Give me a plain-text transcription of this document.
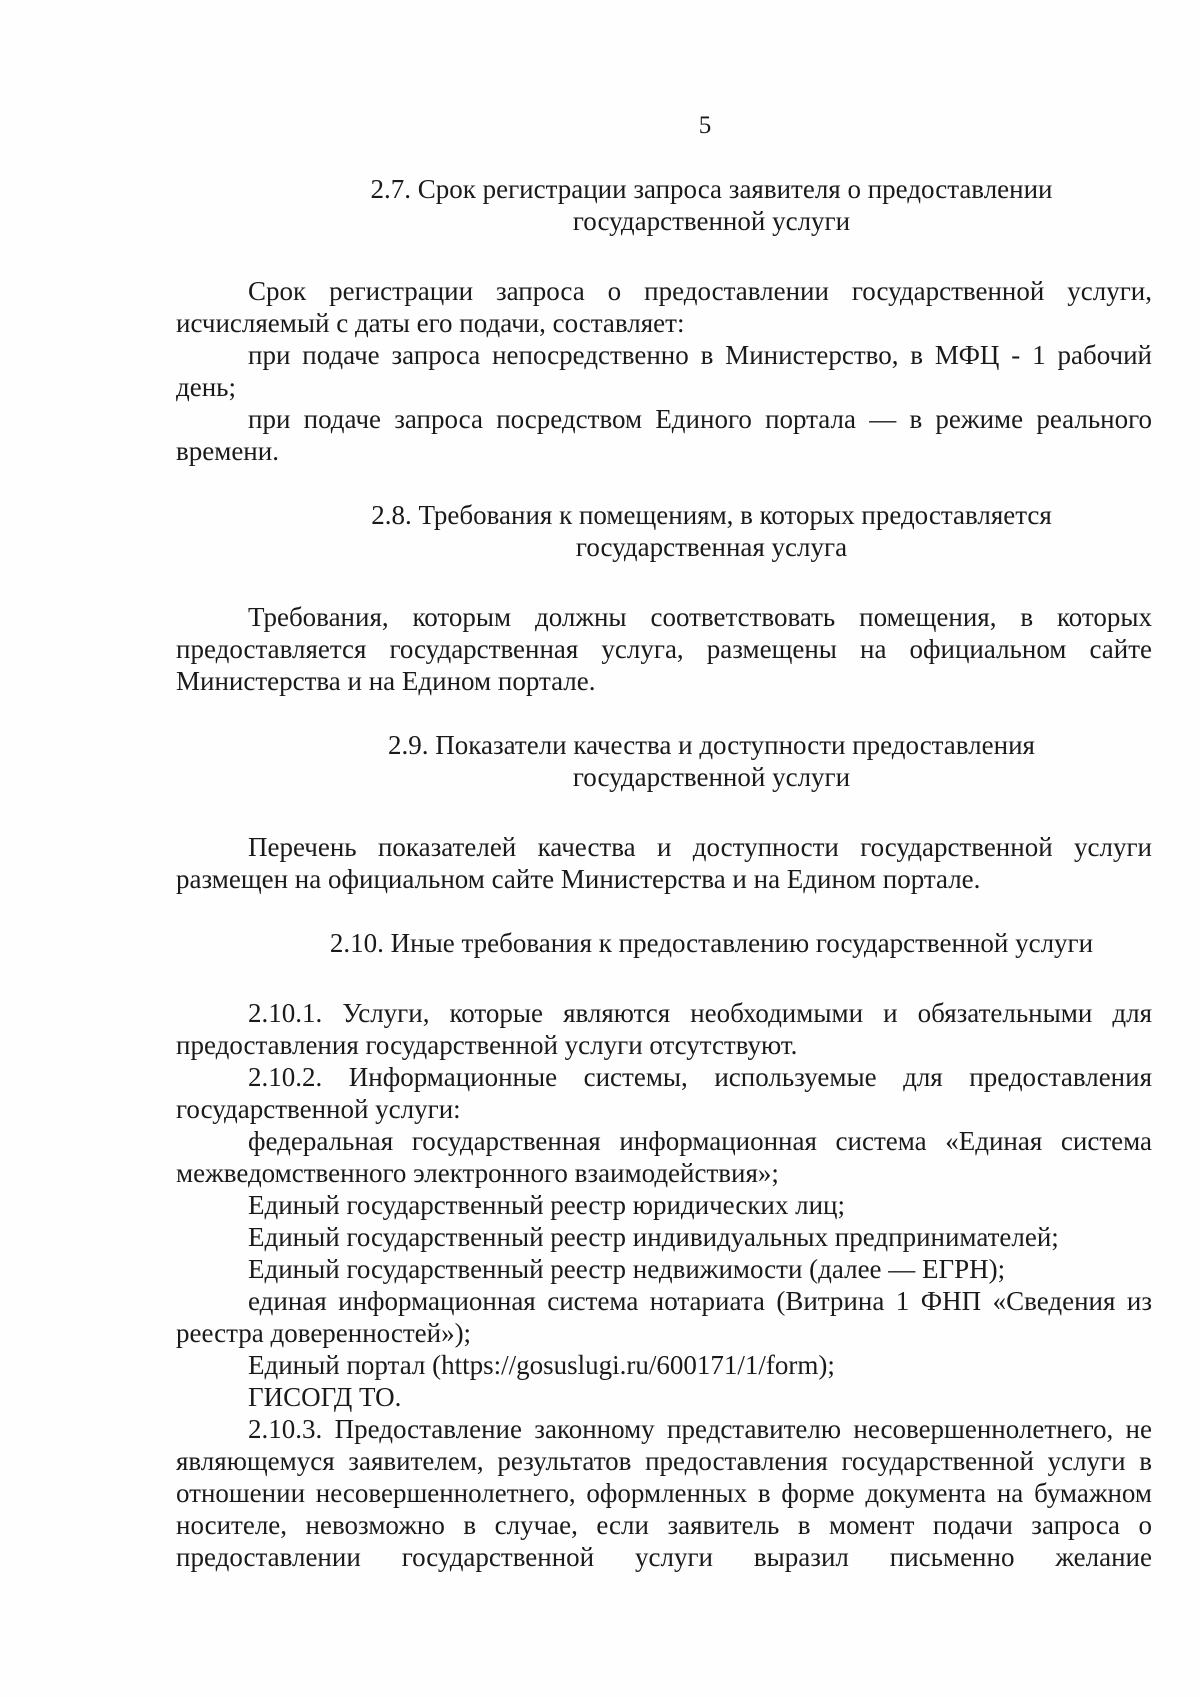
5
2.7. Срок регистрации запроса заявителя о предоставлении
государственной услуги

Срок регистрации запроса о предоставлении государственной услуги, исчисляемый с даты его подачи, составляет:

при подаче запроса непосредственно в Министерство, в МФЦ - 1 рабочий день;

при подаче запроса посредством Единого портала — в режиме реального времени.

2.8. Требования к помещениям, в которых предоставляется
государственная услуга

Требования, которым должны соответствовать помещения, в которых предоставляется государственная услуга, размещены на официальном сайте Министерства и на Едином портале.

2.9. Показатели качества и доступности предоставления
государственной услуги

Перечень показателей качества и доступности государственной услуги размещен на официальном сайте Министерства и на Едином портале.

2.10. Иные требования к предоставлению государственной услуги

2.10.1. Услуги, которые являются необходимыми и обязательными для предоставления государственной услуги отсутствуют.

2.10.2. Информационные системы, используемые для предоставления государственной услуги:

федеральная государственная информационная система «Единая система межведомственного электронного взаимодействия»;

Единый государственный реестр юридических лиц;

Единый государственный реестр индивидуальных предпринимателей;

Единый государственный реестр недвижимости (далее — ЕГРН);

единая информационная система нотариата (Витрина 1 ФНП «Сведения из реестра доверенностей»);

Единый портал (https://gosuslugi.ru/600171/1/form);

ГИСОГД ТО.

2.10.3. Предоставление законному представителю несовершеннолетнего, не являющемуся заявителем, результатов предоставления государственной услуги в отношении несовершеннолетнего, оформленных в форме документа на бумажном носителе, невозможно в случае, если заявитель в момент подачи запроса о предоставлении государственной услуги выразил письменно желание
